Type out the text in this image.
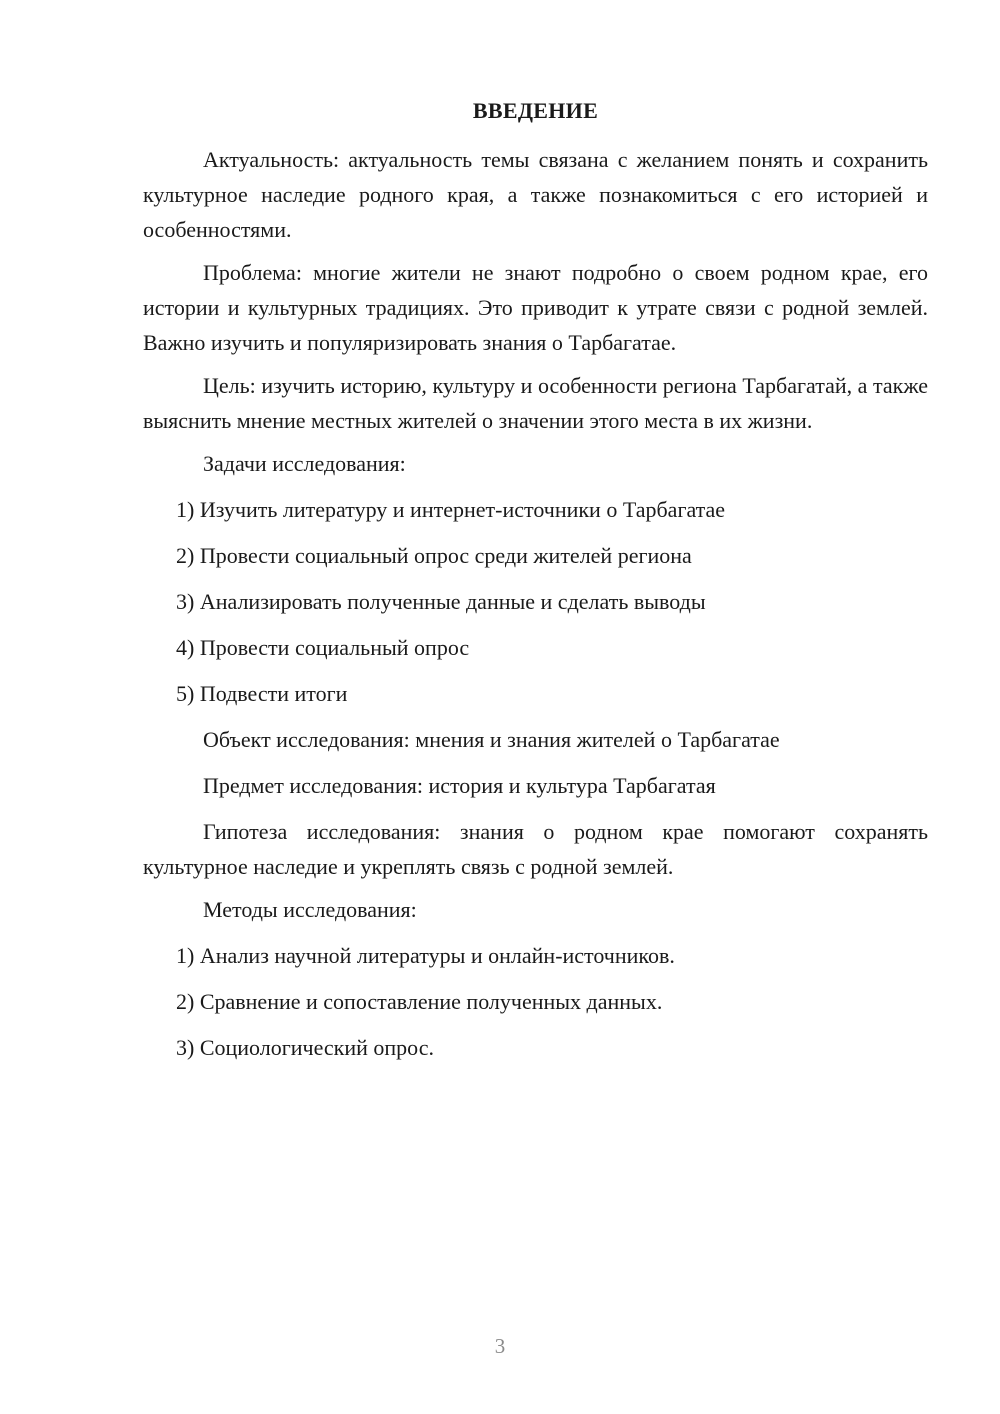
ВВЕДЕНИЕ

Актуальность: актуальность темы связана с желанием понять и сохранить культурное наследие родного края, а также познакомиться с его историей и особенностями.

Проблема: многие жители не знают подробно о своем родном крае, его истории и культурных традициях. Это приводит к утрате связи с родной землей. Важно изучить и популяризировать знания о Тарбагатае.

Цель: изучить историю, культуру и особенности региона Тарбагатай, а также выяснить мнение местных жителей о значении этого места в их жизни.

Задачи исследования:

1) Изучить литературу и интернет-источники о Тарбагатае
2) Провести социальный опрос среди жителей региона
3) Анализировать полученные данные и сделать выводы
4) Провести социальный опрос
5) Подвести итоги

Объект исследования: мнения и знания жителей о Тарбагатае

Предмет исследования: история и культура Тарбагатая

Гипотеза исследования: знания о родном крае помогают сохранять культурное наследие и укреплять связь с родной землей.

Методы исследования:

1) Анализ научной литературы и онлайн-источников.
2) Сравнение и сопоставление полученных данных.
3) Социологический опрос.
3
